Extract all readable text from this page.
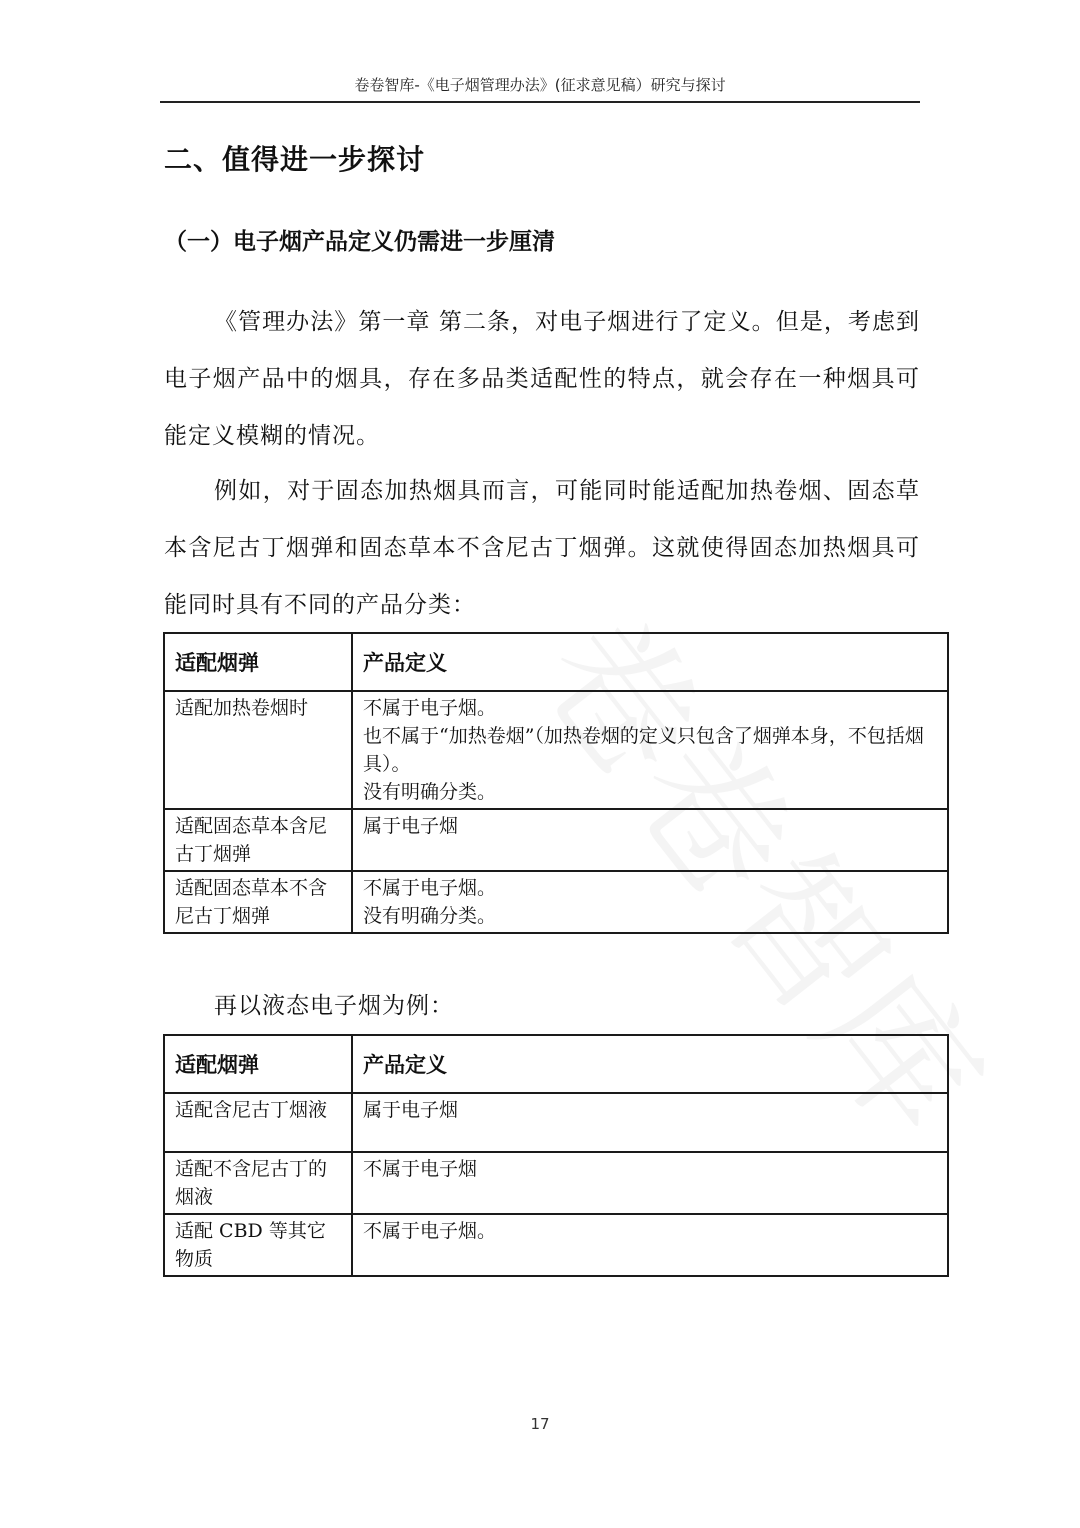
卷卷智库-《电子烟管理办法》(征求意见稿）研究与探讨
二、值得进一步探讨
（一）电子烟产品定义仍需进一步厘清

《管理办法》第一章 第二条，对电子烟进行了定义。但是，考虑到电子烟产品中的烟具，存在多品类适配性的特点，就会存在一种烟具可能定义模糊的情况。

例如，对于固态加热烟具而言，可能同时能适配加热卷烟、固态草本含尼古丁烟弹和固态草本不含尼古丁烟弹。这就使得固态加热烟具可能同时具有不同的产品分类：

适配烟弹	产品定义
适配加热卷烟时	不属于电子烟。
也不属于“加热卷烟”（加热卷烟的定义只包含了烟弹本身，不包括烟具）。
没有明确分类。

适配固态草本含尼古丁烟弹	属于电子烟

适配固态草本不含尼古丁烟弹	不属于电子烟。
没有明确分类。

再以液态电子烟为例：

适配烟弹	产品定义
适配含尼古丁烟液	属于电子烟

适配不含尼古丁的烟液	不属于电子烟

适配 CBD 等其它物质	不属于电子烟。
17
